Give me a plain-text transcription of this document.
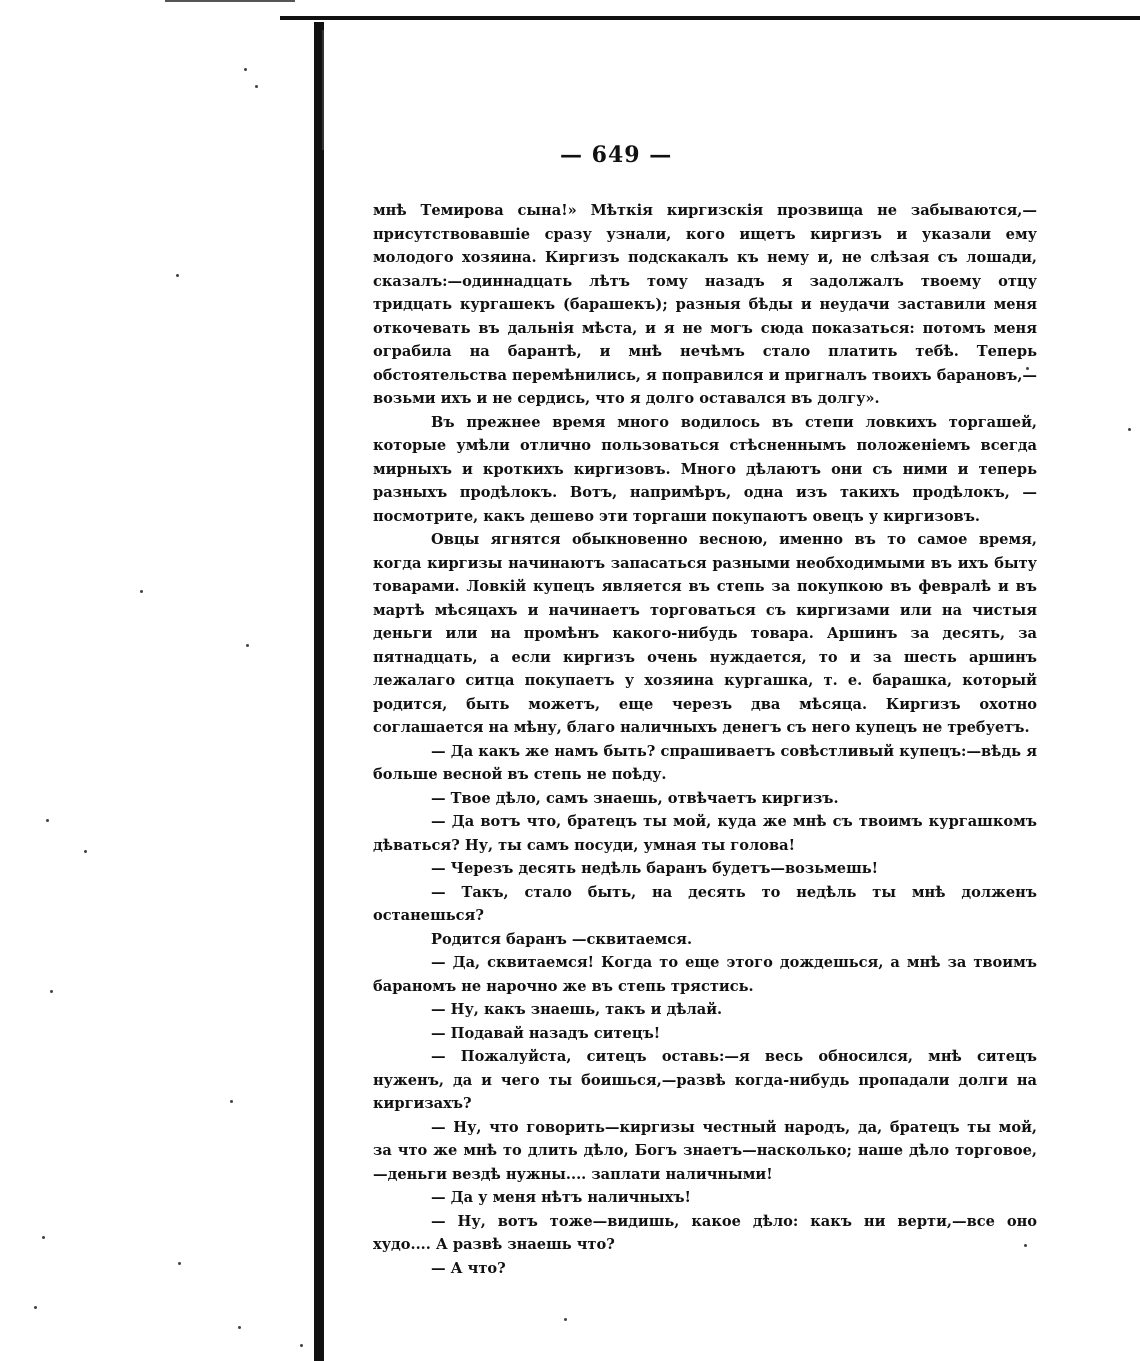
— 649 —

мнѣ Темирова сына!» Мѣткія киргизскія прозвища не забываются,—присутствовавшіе сразу узнали, кого ищетъ киргизъ и указали ему молодого хозяина. Киргизъ подскакалъ къ нему и, не слѣзая съ лошади, сказалъ:—одиннадцать лѣтъ тому назадъ я задолжалъ твоему отцу тридцать кургашекъ (барашекъ); разныя бѣды и неудачи заставили меня откочевать въ дальнія мѣста, и я не могъ сюда показаться: потомъ меня ограбила на барантѣ, и мнѣ нечѣмъ стало платить тебѣ. Теперь обстоятельства перемѣнились, я поправился и пригналъ твоихъ барановъ,—возьми ихъ и не сердись, что я долго оставался въ долгу».

Въ прежнее время много водилось въ степи ловкихъ торгашей, которые умѣли отлично пользоваться стѣсненнымъ положеніемъ всегда мирныхъ и кроткихъ киргизовъ. Много дѣлаютъ они съ ними и теперь разныхъ продѣлокъ. Вотъ, напримѣръ, одна изъ такихъ продѣлокъ, — посмотрите, какъ дешево эти торгаши покупаютъ овецъ у киргизовъ.

Овцы ягнятся обыкновенно весною, именно въ то самое время, когда киргизы начинаютъ запасаться разными необходимыми въ ихъ быту товарами. Ловкій купецъ является въ степь за покупкою въ февралѣ и въ мартѣ мѣсяцахъ и начинаетъ торговаться съ киргизами или на чистыя деньги или на промѣнъ какого-нибудь товара. Аршинъ за десять, за пятнадцать, а если киргизъ очень нуждается, то и за шесть аршинъ лежалаго ситца покупаетъ у хозяина кургашка, т. е. барашка, который родится, быть можетъ, еще черезъ два мѣсяца. Киргизъ охотно соглашается на мѣну, благо наличныхъ денегъ съ него купецъ не требуетъ.

— Да какъ же намъ быть? спрашиваетъ совѣстливый купецъ:—вѣдь я больше весной въ степь не поѣду.

— Твое дѣло, самъ знаешь, отвѣчаетъ киргизъ.

— Да вотъ что, братецъ ты мой, куда же мнѣ съ твоимъ кургашкомъ дѣваться? Ну, ты самъ посуди, умная ты голова!

— Черезъ десять недѣль баранъ будетъ—возьмешь!

— Такъ, стало быть, на десять то недѣль ты мнѣ долженъ останешься?

Родится баранъ —сквитаемся.

— Да, сквитаемся! Когда то еще этого дождешься, а мнѣ за твоимъ бараномъ не нарочно же въ степь трястись.

— Ну, какъ знаешь, такъ и дѣлай.

— Подавай назадъ ситецъ!

— Пожалуйста, ситецъ оставь:—я весь обносился, мнѣ ситецъ нуженъ, да и чего ты боишься,—развѣ когда-нибудь пропадали долги на киргизахъ?

— Ну, что говорить—киргизы честный народъ, да, братецъ ты мой, за что же мнѣ то длить дѣло, Богъ знаетъ—насколько; наше дѣло торговое,—деньги вездѣ нужны.... заплати наличными!

— Да у меня нѣтъ наличныхъ!

— Ну, вотъ тоже—видишь, какое дѣло: какъ ни верти,—все оно худо.... А развѣ знаешь что?

— А что?
